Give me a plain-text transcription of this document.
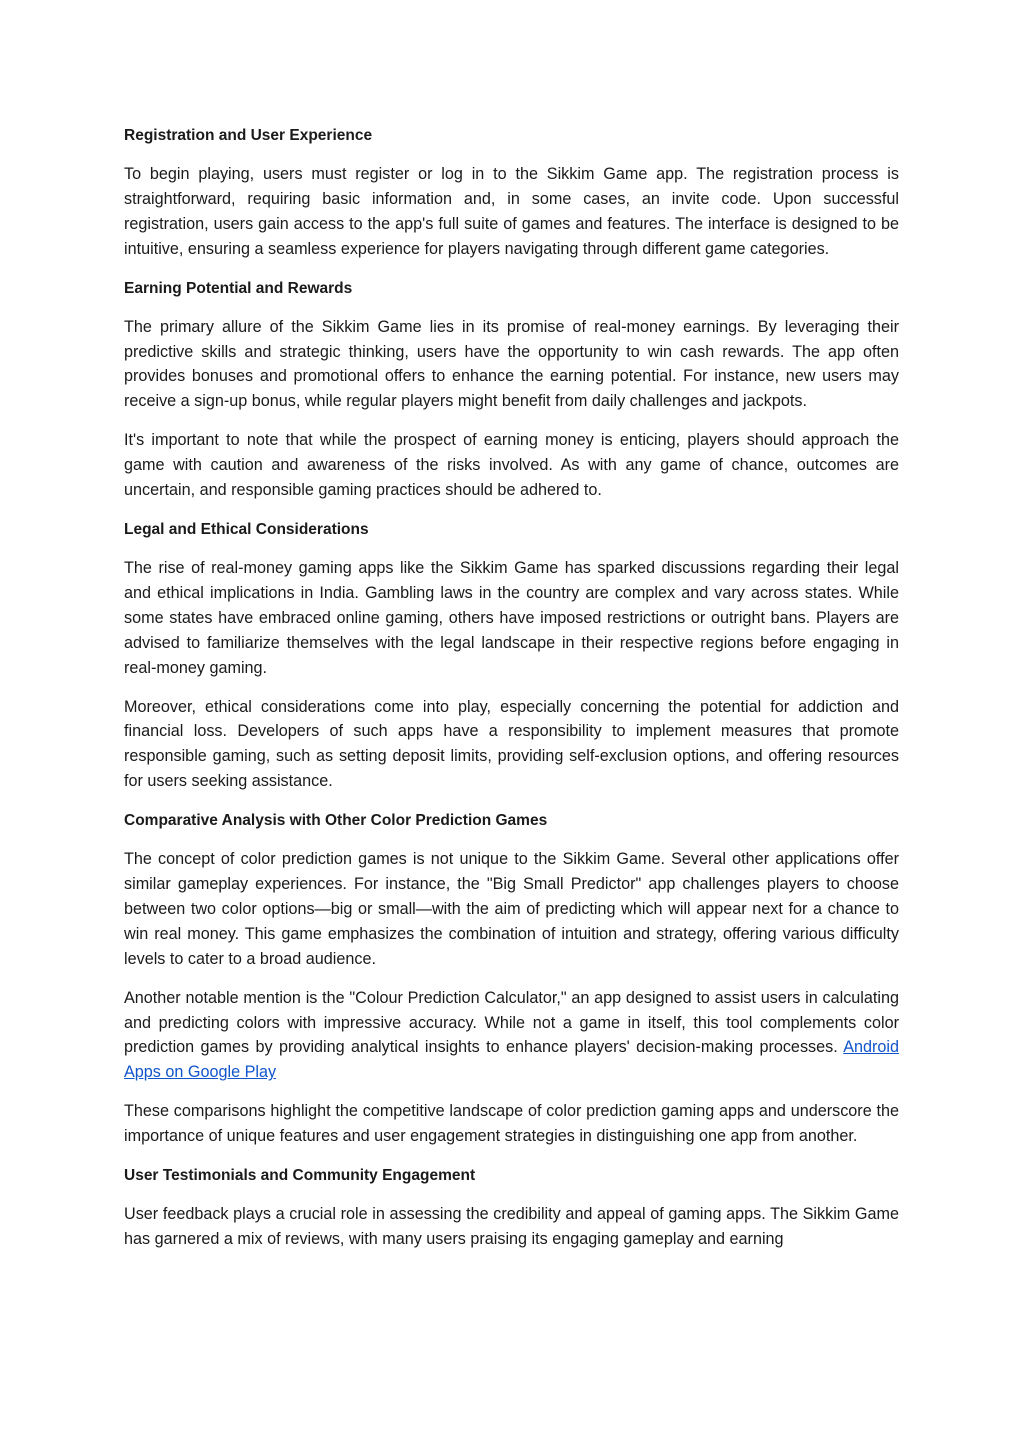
Registration and User Experience
To begin playing, users must register or log in to the Sikkim Game app. The registration process is straightforward, requiring basic information and, in some cases, an invite code. Upon successful registration, users gain access to the app's full suite of games and features. The interface is designed to be intuitive, ensuring a seamless experience for players navigating through different game categories.
Earning Potential and Rewards
The primary allure of the Sikkim Game lies in its promise of real-money earnings. By leveraging their predictive skills and strategic thinking, users have the opportunity to win cash rewards. The app often provides bonuses and promotional offers to enhance the earning potential. For instance, new users may receive a sign-up bonus, while regular players might benefit from daily challenges and jackpots.
It's important to note that while the prospect of earning money is enticing, players should approach the game with caution and awareness of the risks involved. As with any game of chance, outcomes are uncertain, and responsible gaming practices should be adhered to.
Legal and Ethical Considerations
The rise of real-money gaming apps like the Sikkim Game has sparked discussions regarding their legal and ethical implications in India. Gambling laws in the country are complex and vary across states. While some states have embraced online gaming, others have imposed restrictions or outright bans. Players are advised to familiarize themselves with the legal landscape in their respective regions before engaging in real-money gaming.
Moreover, ethical considerations come into play, especially concerning the potential for addiction and financial loss. Developers of such apps have a responsibility to implement measures that promote responsible gaming, such as setting deposit limits, providing self-exclusion options, and offering resources for users seeking assistance.
Comparative Analysis with Other Color Prediction Games
The concept of color prediction games is not unique to the Sikkim Game. Several other applications offer similar gameplay experiences. For instance, the "Big Small Predictor" app challenges players to choose between two color options—big or small—with the aim of predicting which will appear next for a chance to win real money. This game emphasizes the combination of intuition and strategy, offering various difficulty levels to cater to a broad audience.
Another notable mention is the "Colour Prediction Calculator," an app designed to assist users in calculating and predicting colors with impressive accuracy. While not a game in itself, this tool complements color prediction games by providing analytical insights to enhance players' decision-making processes. Android Apps on Google Play
These comparisons highlight the competitive landscape of color prediction gaming apps and underscore the importance of unique features and user engagement strategies in distinguishing one app from another.
User Testimonials and Community Engagement
User feedback plays a crucial role in assessing the credibility and appeal of gaming apps. The Sikkim Game has garnered a mix of reviews, with many users praising its engaging gameplay and earning
